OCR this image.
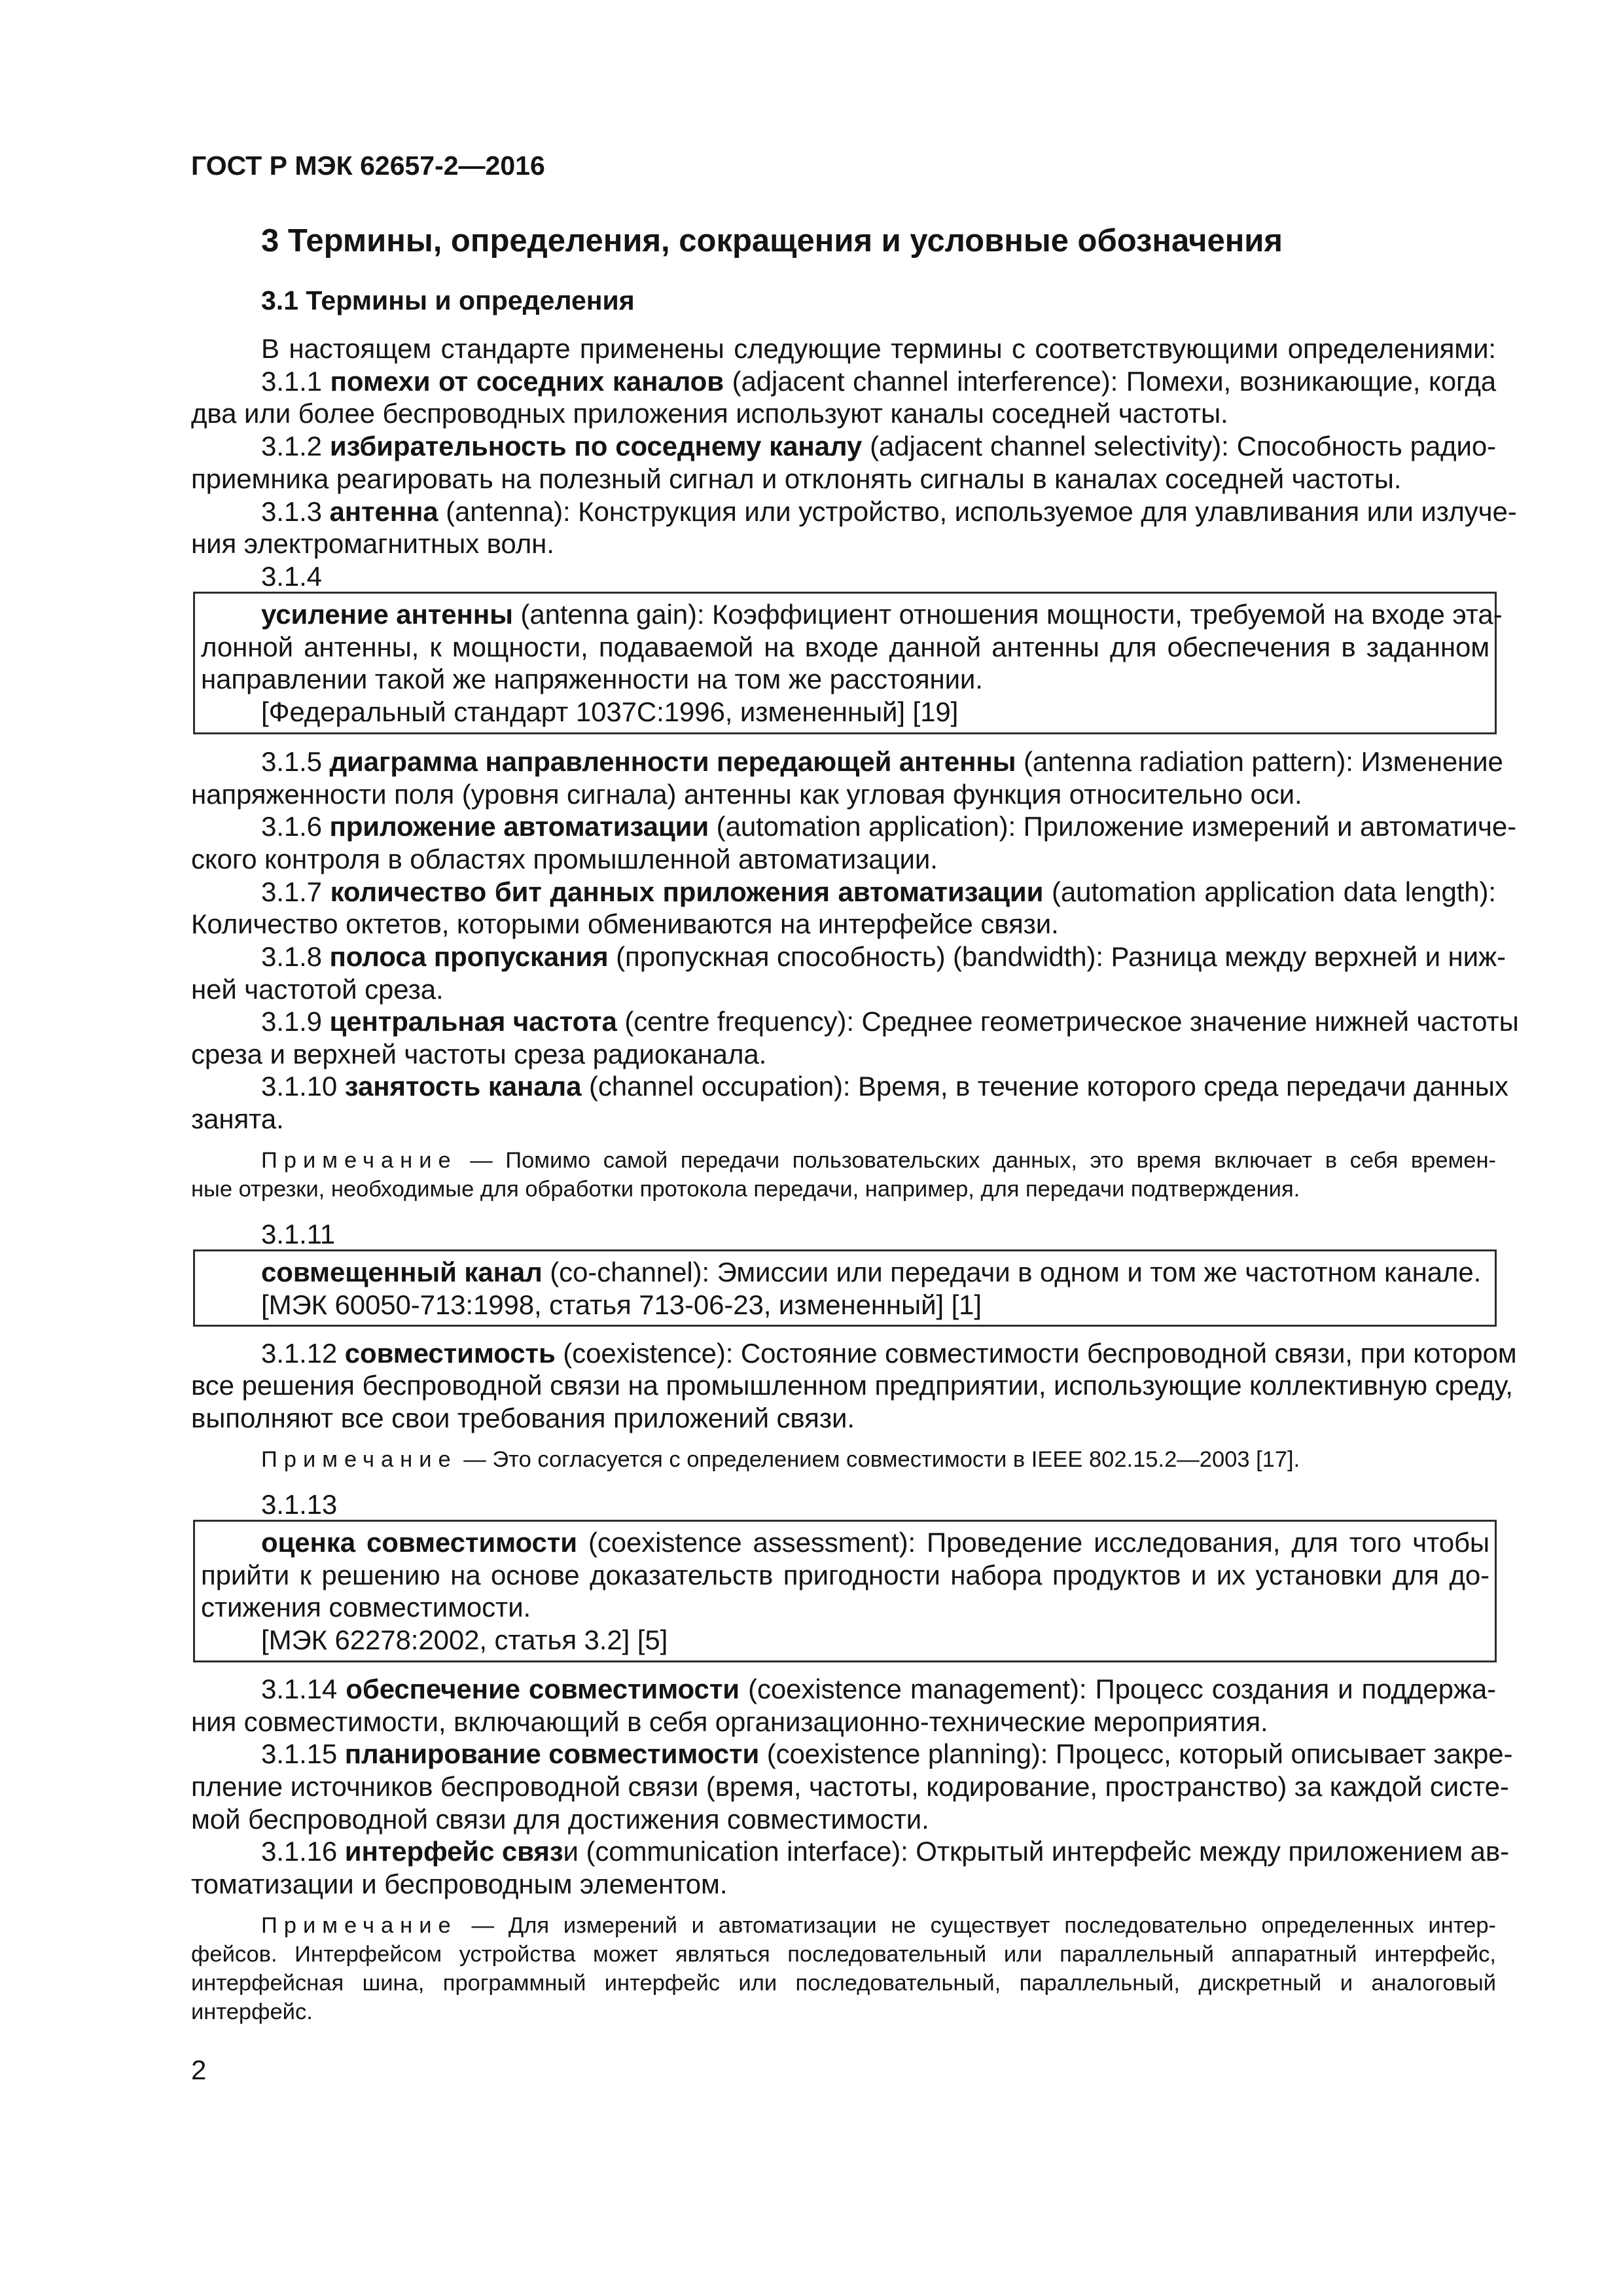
ГОСТ Р МЭК 62657-2—2016
3 Термины, определения, сокращения и условные обозначения
3.1 Термины и определения
В настоящем стандарте применены следующие термины с соответствующими определениями:
3.1.1 помехи от соседних каналов (adjacent channel interference): Помехи, возникающие, когда
два или более беспроводных приложения используют каналы соседней частоты.
3.1.2 избирательность по соседнему каналу (adjacent channel selectivity): Способность радио-
приемника реагировать на полезный сигнал и отклонять сигналы в каналах соседней частоты.
3.1.3 антенна (antenna): Конструкция или устройство, используемое для улавливания или излуче-
ния электромагнитных волн.
3.1.4
усиление антенны (antenna gain): Коэффициент отношения мощности, требуемой на входе эта-
лонной антенны, к мощности, подаваемой на входе данной антенны для обеспечения в заданном
направлении такой же напряженности на том же расстоянии.
[Федеральный стандарт 1037C:1996, измененный] [19]
3.1.5 диаграмма направленности передающей антенны (antenna radiation pattern): Изменение
напряженности поля (уровня сигнала) антенны как угловая функция относительно оси.
3.1.6 приложение автоматизации (automation application): Приложение измерений и автоматиче-
ского контроля в областях промышленной автоматизации.
3.1.7 количество бит данных приложения автоматизации (automation application data length):
Количество октетов, которыми обмениваются на интерфейсе связи.
3.1.8 полоса пропускания (пропускная способность) (bandwidth): Разница между верхней и ниж-
ней частотой среза.
3.1.9 центральная частота (centre frequency): Среднее геометрическое значение нижней частоты
среза и верхней частоты среза радиоканала.
3.1.10 занятость канала (channel occupation): Время, в течение которого среда передачи данных
занята.
Примечание — Помимо самой передачи пользовательских данных, это время включает в себя времен-
ные отрезки, необходимые для обработки протокола передачи, например, для передачи подтверждения.
3.1.11
совмещенный канал (co-channel): Эмиссии или передачи в одном и том же частотном канале.
[МЭК 60050-713:1998, статья 713-06-23, измененный] [1]
3.1.12 совместимость (coexistence): Состояние совместимости беспроводной связи, при котором
все решения беспроводной связи на промышленном предприятии, использующие коллективную среду,
выполняют все свои требования приложений связи.
Примечание — Это согласуется с определением совместимости в IEEE 802.15.2—2003 [17].
3.1.13
оценка совместимости (coexistence assessment): Проведение исследования, для того чтобы
прийти к решению на основе доказательств пригодности набора продуктов и их установки для до-
стижения совместимости.
[МЭК 62278:2002, статья 3.2] [5]
3.1.14 обеспечение совместимости (coexistence management): Процесс создания и поддержа-
ния совместимости, включающий в себя организационно-технические мероприятия.
3.1.15 планирование совместимости (coexistence planning): Процесс, который описывает закре-
пление источников беспроводной связи (время, частоты, кодирование, пространство) за каждой систе-
мой беспроводной связи для достижения совместимости.
3.1.16 интерфейс связи (communication interface): Открытый интерфейс между приложением ав-
томатизации и беспроводным элементом.
Примечание — Для измерений и автоматизации не существует последовательно определенных интер-
фейсов. Интерфейсом устройства может являться последовательный или параллельный аппаратный интерфейс,
интерфейсная шина, программный интерфейс или последовательный, параллельный, дискретный и аналоговый
интерфейс.
2
